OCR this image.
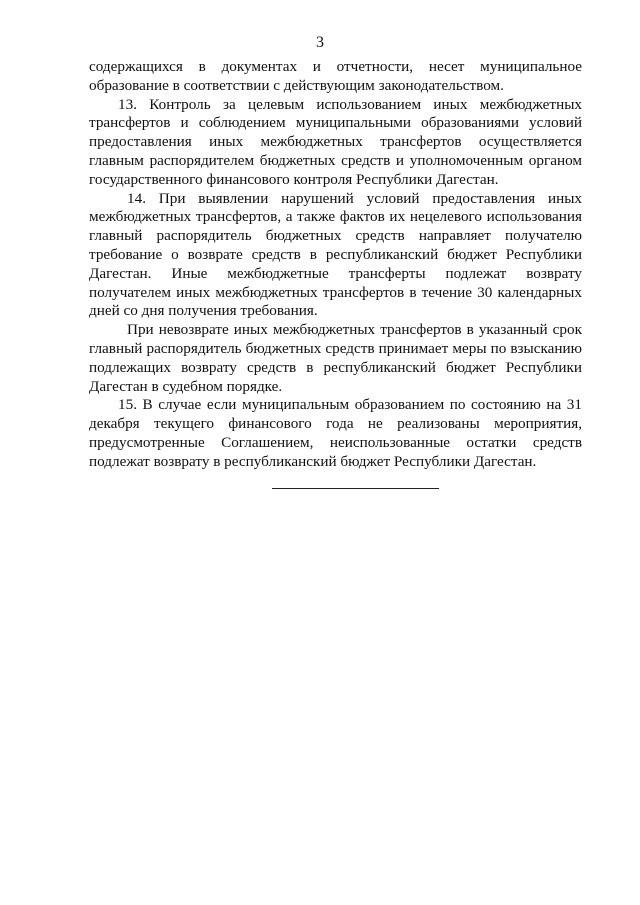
3

содержащихся в документах и отчетности, несет муниципальное образование в соответствии с действующим законодательством.

13. Контроль за целевым использованием иных межбюджетных трансфертов и соблюдением муниципальными образованиями условий предоставления иных межбюджетных трансфертов осуществляется главным распорядителем бюджетных средств и уполномоченным органом государственного финансового контроля Республики Дагестан.

14. При выявлении нарушений условий предоставления иных межбюджетных трансфертов, а также фактов их нецелевого использования главный распорядитель бюджетных средств направляет получателю требование о возврате средств в республиканский бюджет Республики Дагестан. Иные межбюджетные трансферты подлежат возврату получателем иных межбюджетных трансфертов в течение 30 календарных дней со дня получения требования.

При невозврате иных межбюджетных трансфертов в указанный срок главный распорядитель бюджетных средств принимает меры по взысканию подлежащих возврату средств в республиканский бюджет Республики Дагестан в судебном порядке.

15. В случае если муниципальным образованием по состоянию на 31 декабря текущего финансового года не реализованы мероприятия, предусмотренные Соглашением, неиспользованные остатки средств подлежат возврату в республиканский бюджет Республики Дагестан.
